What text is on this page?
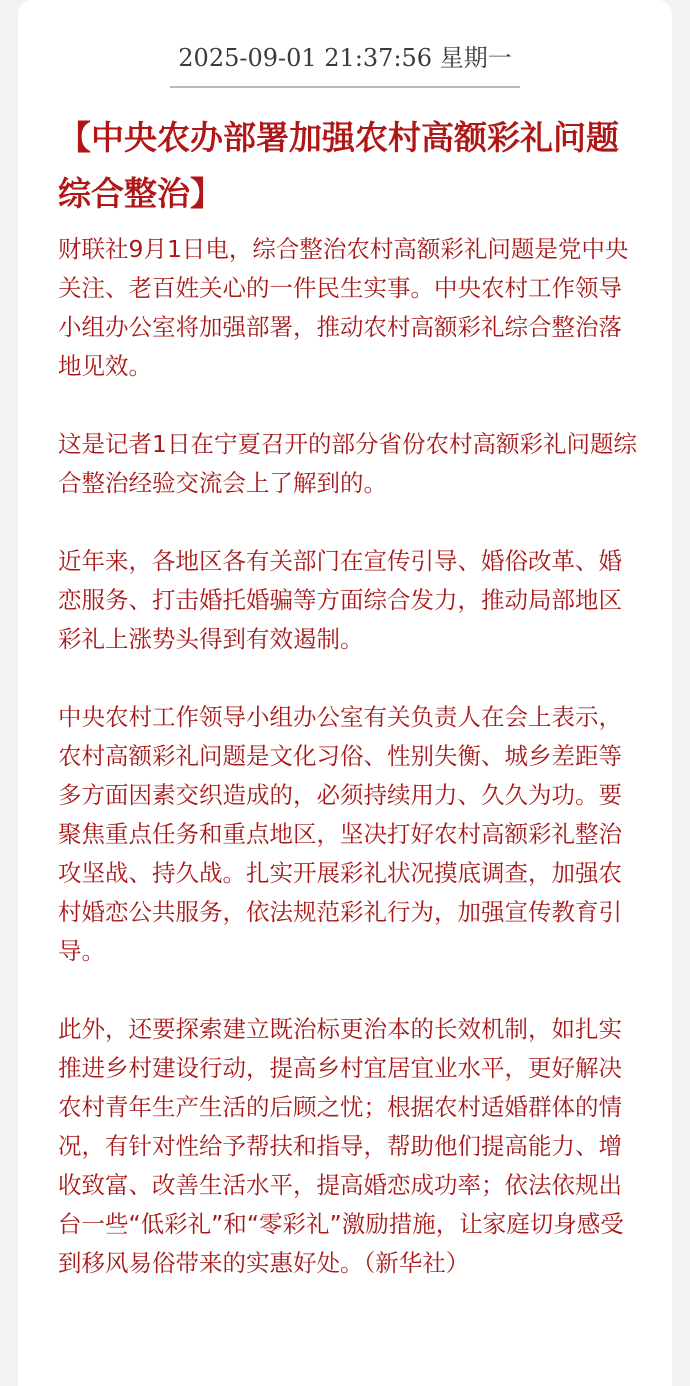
2025-09-01 21:37:56 星期一
【中央农办部署加强农村高额彩礼问题综合整治】

财联社9月1日电，综合整治农村高额彩礼问题是党中央关注、老百姓关心的一件民生实事。中央农村工作领导小组办公室将加强部署，推动农村高额彩礼综合整治落地见效。

这是记者1日在宁夏召开的部分省份农村高额彩礼问题综合整治经验交流会上了解到的。

近年来，各地区各有关部门在宣传引导、婚俗改革、婚恋服务、打击婚托婚骗等方面综合发力，推动局部地区彩礼上涨势头得到有效遏制。

中央农村工作领导小组办公室有关负责人在会上表示，农村高额彩礼问题是文化习俗、性别失衡、城乡差距等多方面因素交织造成的，必须持续用力、久久为功。要聚焦重点任务和重点地区，坚决打好农村高额彩礼整治攻坚战、持久战。扎实开展彩礼状况摸底调查，加强农村婚恋公共服务，依法规范彩礼行为，加强宣传教育引导。

此外，还要探索建立既治标更治本的长效机制，如扎实推进乡村建设行动，提高乡村宜居宜业水平，更好解决农村青年生产生活的后顾之忧；根据农村适婚群体的情况，有针对性给予帮扶和指导，帮助他们提高能力、增收致富、改善生活水平，提高婚恋成功率；依法依规出台一些“低彩礼”和“零彩礼”激励措施，让家庭切身感受到移风易俗带来的实惠好处。（新华社）
